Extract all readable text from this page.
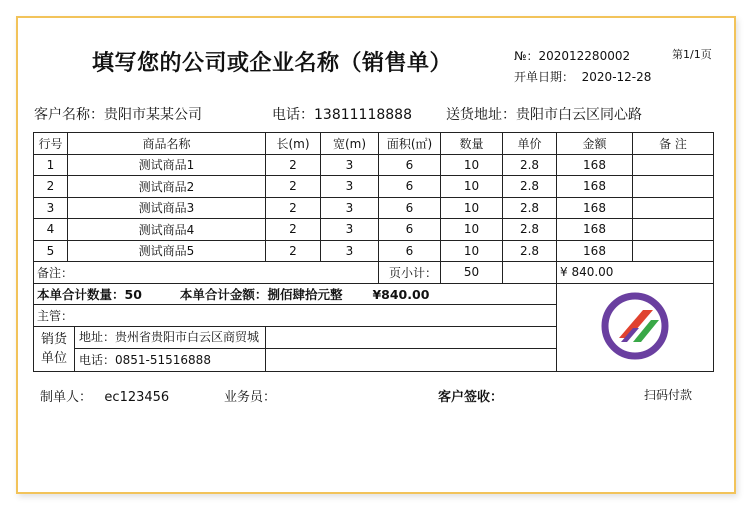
填写您的公司或企业名称（销售单）	№：202012280002
开单日期： 2020-12-28
第1/1页
客户名称：贵阳市某某公司	电话：13811118888 送货地址：贵阳市白云区同心路
行号	商品名称	长(m)	宽(m)	面积(㎡)	数量	单价	金额	备 注
1	测试商品1	2	3	6	10	2.8	168	
2	测试商品2	2	3	6	10	2.8	168	
3	测试商品3	2	3	6	10	2.8	168	
4	测试商品4	2	3	6	10	2.8	168	
5	测试商品5	2	3	6	10	2.8	168	
备注：				页小计：	50		¥ 840.00	
本单合计数量：50 本单合计金额：捌佰肆拾元整 ¥840.00	

主管：								

销货
单位
地址：贵州省贵阳市白云区商贸城
电话：0851-51516888								

制单人： ec123456	业务员：	客户签收：	扫码付款
